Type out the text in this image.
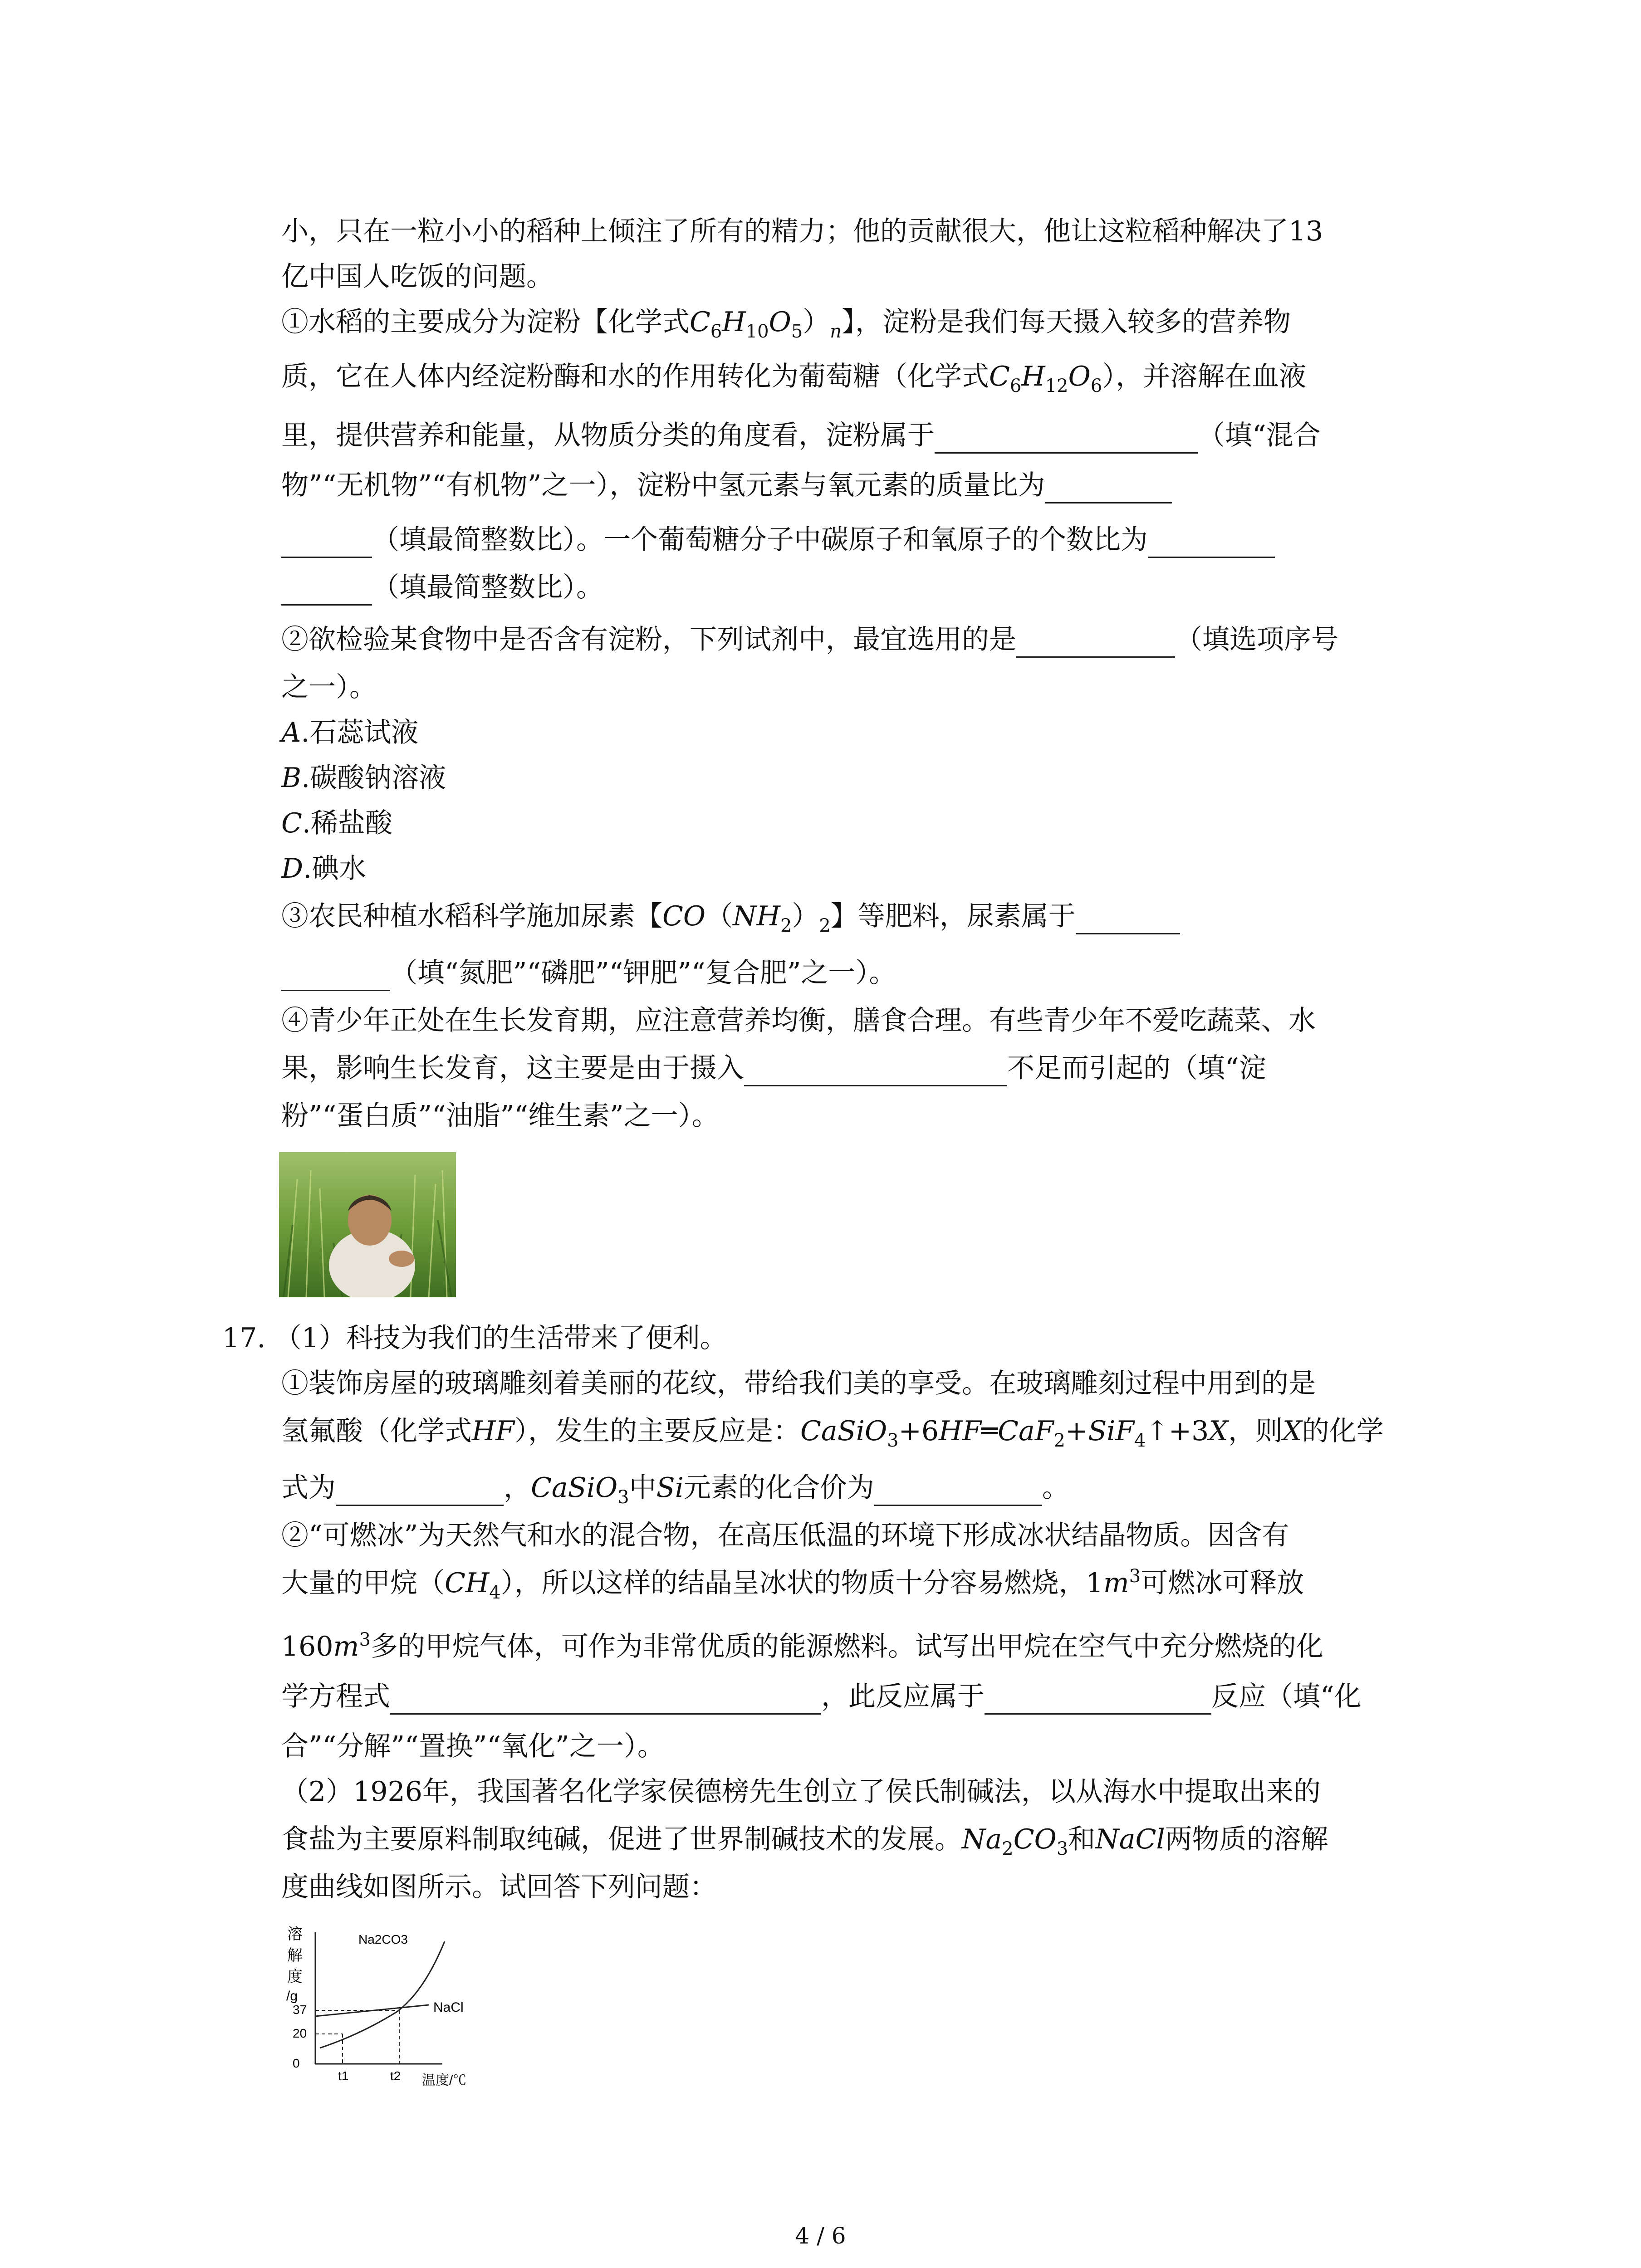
小，只在一粒小小的稻种上倾注了所有的精力；他的贡献很大，他让这粒稻种解决了13
亿中国人吃饭的问题。
①水稻的主要成分为淀粉【化学式$C_6H_{10}O_5)_n$】，淀粉是我们每天摄入较多的营养物
质，它在人体内经淀粉酶和水的作用转化为葡萄糖（化学式$C_6H_{12}O_6$），并溶解在血液
里，提供营养和能量，从物质分类的角度看，淀粉属于	（填“混合
物”“无机物”“有机物”之一），淀粉中氢元素与氧元素的质量比为
（填最简整数比）。一个葡萄糖分子中碳原子和氧原子的个数比为
（填最简整数比）。
②欲检验某食物中是否含有淀粉，下列试剂中，最宜选用的是	（填选项序号
之一）。
A.石蕊试液
B.碳酸钠溶液
C.稀盐酸
D.碘水
③农民种植水稻科学施加尿素【$CO(NH_2)_2$】等肥料，尿素属于
（填“氮肥”“磷肥”“钾肥”“复合肥”之一）。
④青少年正处在生长发育期，应注意营养均衡，膳食合理。有些青少年不爱吃蔬菜、水
果，影响生长发育，这主要是由于摄入	不足而引起的（填“淀
粉”“蛋白质”“油脂”“维生素”之一）。
17. （1）科技为我们的生活带来了便利。
①装饰房屋的玻璃雕刻着美丽的花纹，带给我们美的享受。在玻璃雕刻过程中用到的是
氢氟酸（化学式HF），发生的主要反应是：CaSiO$_3$+6HF═CaF$_2$+SiF$_4$↑+3X，则X的化学
式为	，CaSiO$_3$中Si元素的化合价为	。
②“可燃冰”为天然气和水的混合物，在高压低温的环境下形成冰状结晶物质。因含有
大量的甲烷$(CH_4)$，所以这样的结晶呈冰状的物质十分容易燃烧，$1m^3$可燃冰可释放
$160m^3$多的甲烷气体，可作为非常优质的能源燃料。试写出甲烷在空气中充分燃烧的化
学方程式	，此反应属于	反应（填“化
合”“分解”“置换”“氧化”之一）。
（2）1926年，我国著名化学家侯德榜先生创立了侯氏制碱法，以从海水中提取出来的
食盐为主要原料制取纯碱，促进了世界制碱技术的发展。$Na_2CO_3$和NaCl两物质的溶解
度曲线如图所示。试回答下列问题：
溶
解
度
/g
0
20
37
t1	t2 温度/℃
NaCl
Na2CO3
4 / 6
